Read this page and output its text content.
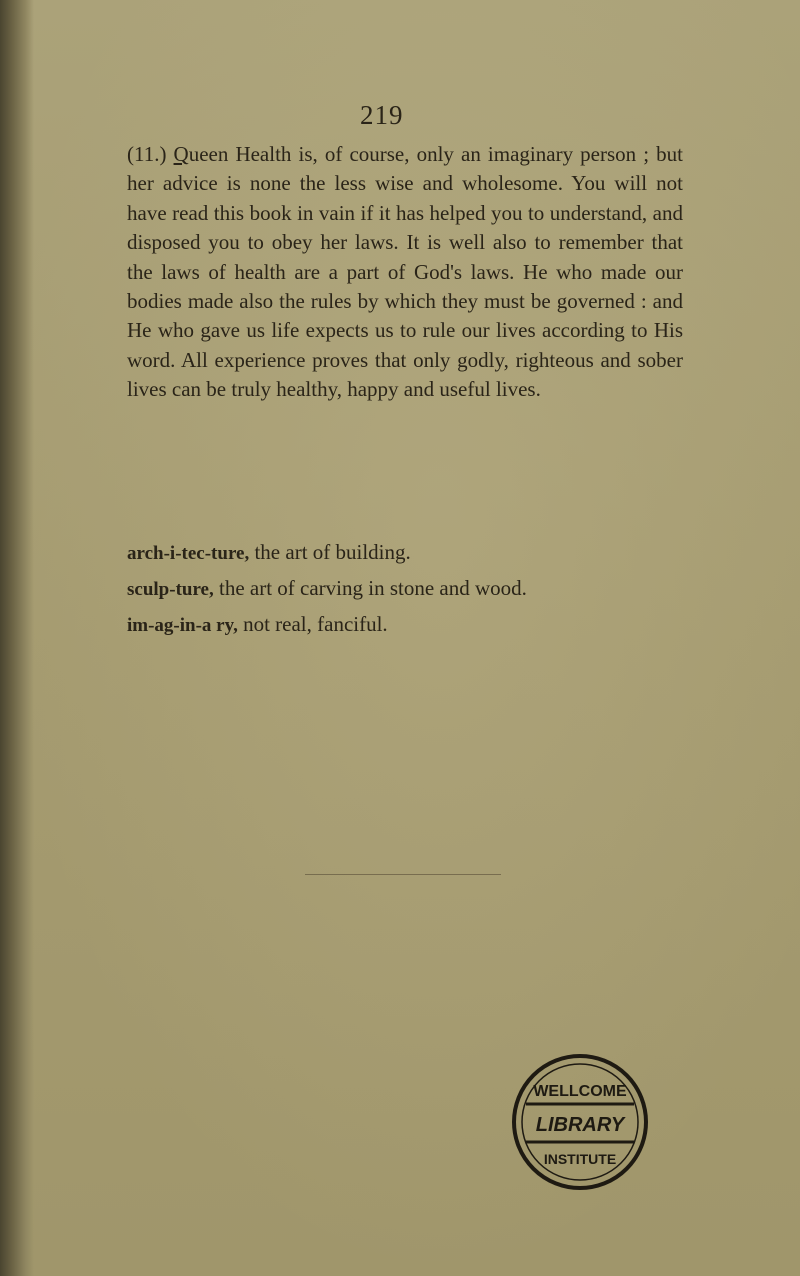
219

(11.) Queen Health is, of course, only an imaginary person ; but her advice is none the less wise and wholesome. You will not have read this book in vain if it has helped you to understand, and disposed you to obey her laws. It is well also to remember that the laws of health are a part of God's laws. He who made our bodies made also the rules by which they must be governed : and He who gave us life expects us to rule our lives according to His word. All experience proves that only godly, righteous and sober lives can be truly healthy, happy and useful lives.

arch-i-tec-ture, the art of building.
sculp-ture, the art of carving in stone and wood.
im-ag-in-a ry, not real, fanciful.
WELLCOME
LIBRARY
INSTITUTE
